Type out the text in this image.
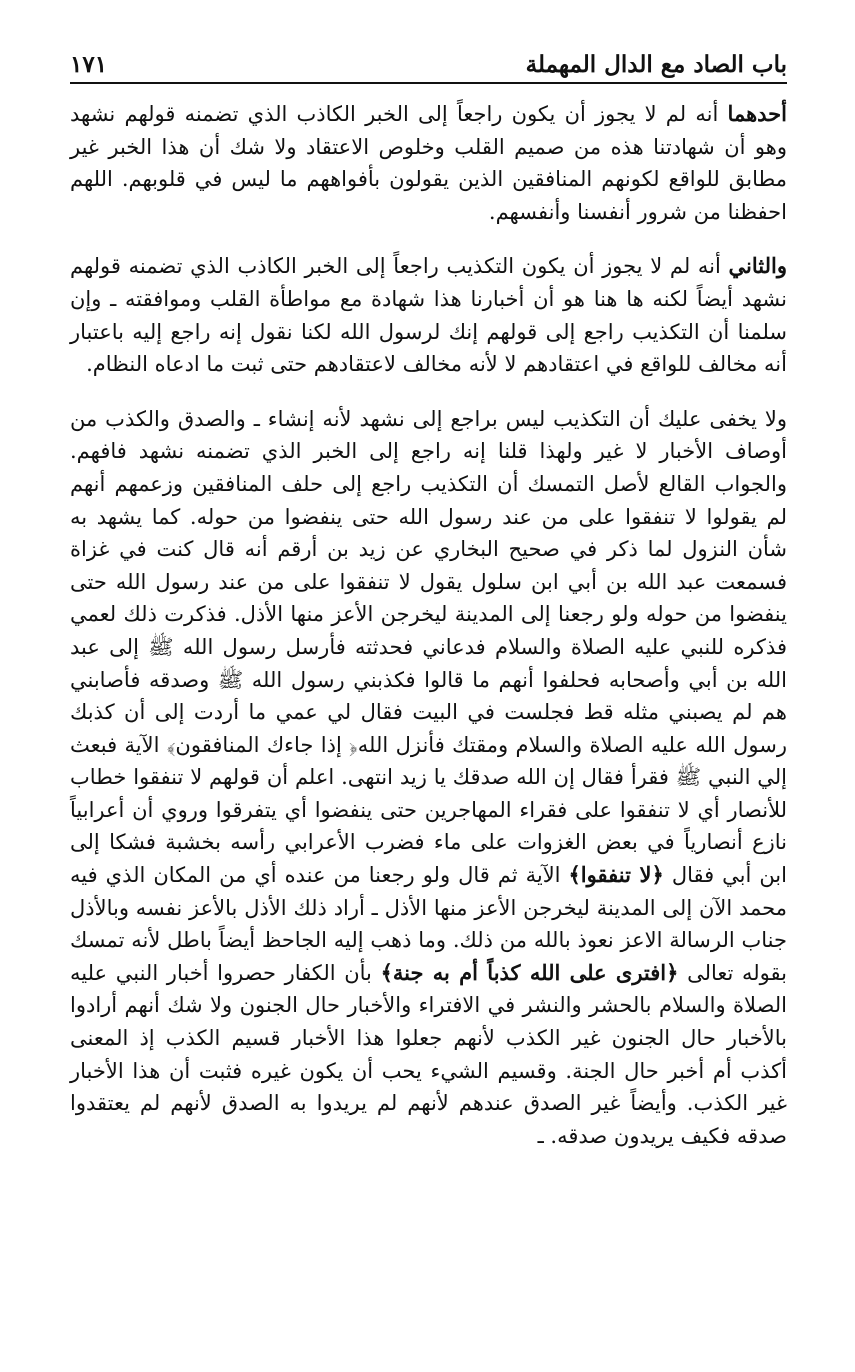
باب الصاد مع الدال المهملة
١٧١

أحدهما أنه لم لا يجوز أن يكون راجعاً إلى الخبر الكاذب الذي تضمنه قولهم نشهد وهو أن شهادتنا هذه من صميم القلب وخلوص الاعتقاد ولا شك أن هذا الخبر غير مطابق للواقع لكونهم المنافقين الذين يقولون بأفواههم ما ليس في قلوبهم. اللهم احفظنا من شرور أنفسنا وأنفسهم.

والثاني أنه لم لا يجوز أن يكون التكذيب راجعاً إلى الخبر الكاذب الذي تضمنه قولهم نشهد أيضاً لكنه ها هنا هو أن أخبارنا هذا شهادة مع مواطأة القلب وموافقته ـ وإن سلمنا أن التكذيب راجع إلى قولهم إنك لرسول الله لكنا نقول إنه راجع إليه باعتبار أنه مخالف للواقع في اعتقادهم لا لأنه مخالف لاعتقادهم حتى ثبت ما ادعاه النظام.

ولا يخفى عليك أن التكذيب ليس براجع إلى نشهد لأنه إنشاء ـ والصدق والكذب من أوصاف الأخبار لا غير ولهذا قلنا إنه راجع إلى الخبر الذي تضمنه نشهد فافهم. والجواب القالع لأصل التمسك أن التكذيب راجع إلى حلف المنافقين وزعمهم أنهم لم يقولوا لا تنفقوا على من عند رسول الله حتى ينفضوا من حوله. كما يشهد به شأن النزول لما ذكر في صحيح البخاري عن زيد بن أرقم أنه قال كنت في غزاة فسمعت عبد الله بن أبي ابن سلول يقول لا تنفقوا على من عند رسول الله حتى ينفضوا من حوله ولو رجعنا إلى المدينة ليخرجن الأعز منها الأذل. فذكرت ذلك لعمي فذكره للنبي عليه الصلاة والسلام فدعاني فحدثته فأرسل رسول الله ﷺ إلى عبد الله بن أبي وأصحابه فحلفوا أنهم ما قالوا فكذبني رسول الله ﷺ وصدقه فأصابني هم لم يصبني مثله قط فجلست في البيت فقال لي عمي ما أردت إلى أن كذبك رسول الله عليه الصلاة والسلام ومقتك فأنزل الله﴿ إذا جاءك المنافقون﴾ الآية فبعث إلي النبي ﷺ فقرأ فقال إن الله صدقك يا زيد انتهى. اعلم أن قولهم لا تنفقوا خطاب للأنصار أي لا تنفقوا على فقراء المهاجرين حتى ينفضوا أي يتفرقوا وروي أن أعرابياً نازع أنصارياً في بعض الغزوات على ماء فضرب الأعرابي رأسه بخشبة فشكا إلى ابن أبي فقال ﴿لا تنفقوا﴾ الآية ثم قال ولو رجعنا من عنده أي من المكان الذي فيه محمد الآن إلى المدينة ليخرجن الأعز منها الأذل ـ أراد ذلك الأذل بالأعز نفسه وبالأذل جناب الرسالة الاعز نعوذ بالله من ذلك. وما ذهب إليه الجاحظ أيضاً باطل لأنه تمسك بقوله تعالى ﴿افترى على الله كذباً أم به جنة﴾ بأن الكفار حصروا أخبار النبي عليه الصلاة والسلام بالحشر والنشر في الافتراء والأخبار حال الجنون ولا شك أنهم أرادوا بالأخبار حال الجنون غير الكذب لأنهم جعلوا هذا الأخبار قسيم الكذب إذ المعنى أكذب أم أخبر حال الجنة. وقسيم الشيء يحب أن يكون غيره فثبت أن هذا الأخبار غير الكذب. وأيضاً غير الصدق عندهم لأنهم لم يريدوا به الصدق لأنهم لم يعتقدوا صدقه فكيف يريدون صدقه. ـ
